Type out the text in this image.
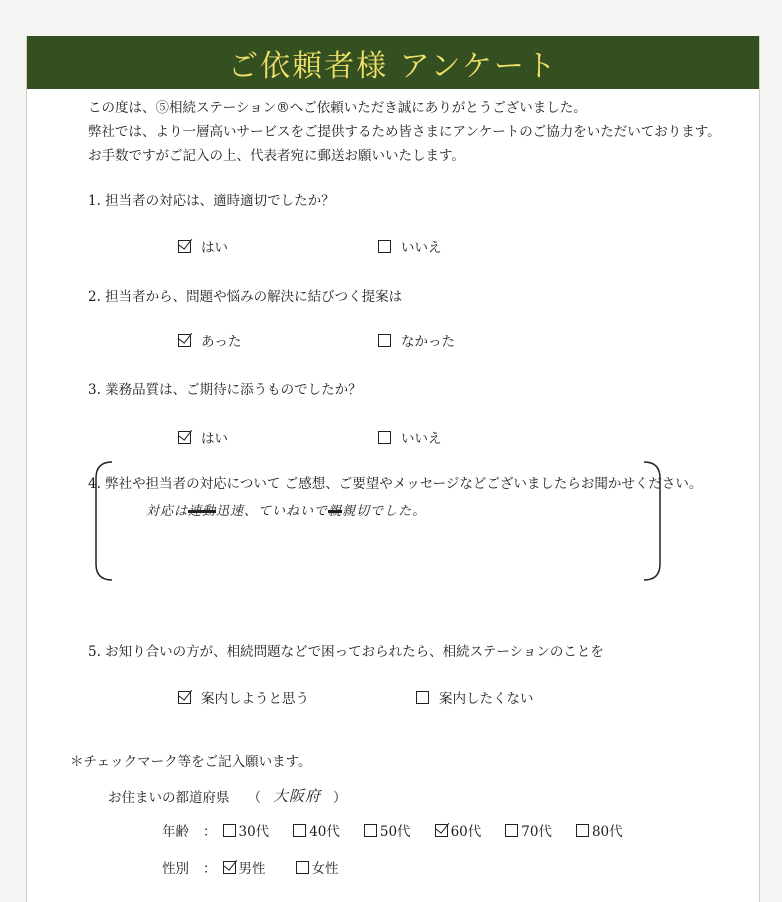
ご依頼者様 アンケート
この度は、⑤相続ステーション®へご依頼いただき誠にありがとうございました。
弊社では、より一層高いサービスをご提供するため皆さまにアンケートのご協力をいただいております。
お手数ですがご記入の上、代表者宛に郵送お願いいたします。
1. 担当者の対応は、適時適切でしたか？
はい	いいえ
2. 担当者から、問題や悩みの解決に結びつく提案は
あった	なかった
3. 業務品質は、ご期待に添うものでしたか？
はい	いいえ
4. 弊社や担当者の対応について ご感想、ご要望やメッセージなどございましたらお聞かせください。
対応は速動迅速、ていねいで親親切でした。
5. お知り合いの方が、相続問題などで困っておられたら、相続ステーションのことを
案内しようと思う	案内したくない
＊チェックマーク等をご記入願います。
お住まいの都道府県 （ 大阪府 ）
年齢 ： 30代	40代	50代	60代	70代	80代
性別 ： 男性	女性
